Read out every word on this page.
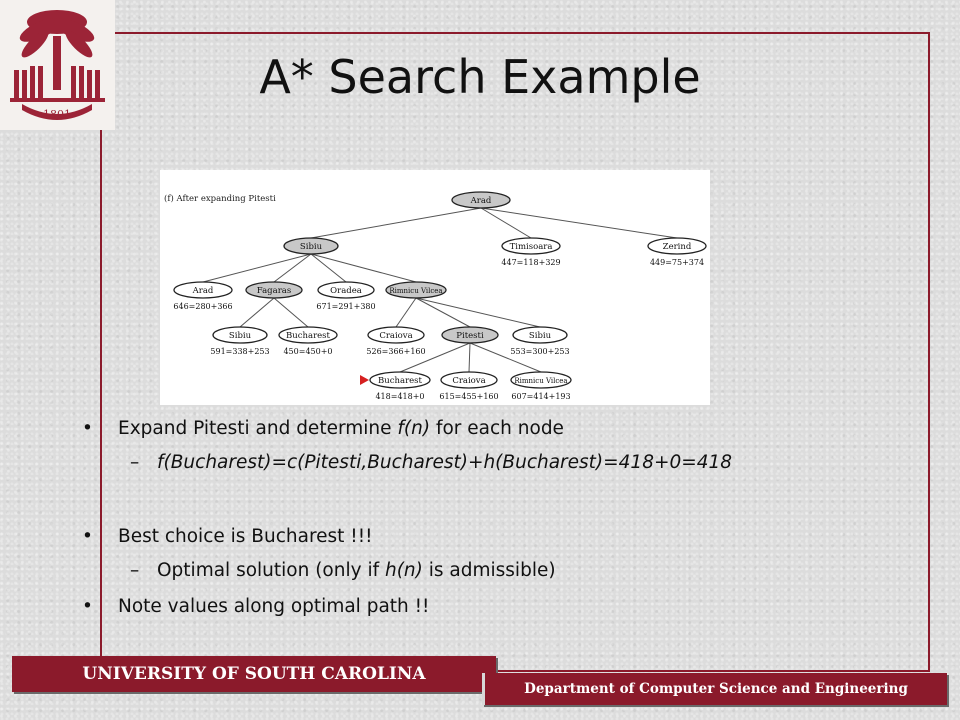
1801
A* Search Example
(f) After expanding Pitesti	Arad
Sibiu	Timisoara
447=118+329
Zerind
449=75+374
Arad
646=280+366
Fagaras	Oradea
671=291+380
Rimnicu Vilcea
Sibiu
591=338+253
Bucharest
450=450+0
Craiova
526=366+160
Pitesti	Sibiu
553=300+253
Bucharest
418=418+0
Craiova
615=455+160
Rimnicu Vilcea
607=414+193
• Expand Pitesti and determine f(n) for each node
– f(Bucharest)=c(Pitesti,Bucharest)+h(Bucharest)=418+0=418
• Best choice is Bucharest !!!
– Optimal solution (only if h(n) is admissible)
• Note values along optimal path !!
UNIVERSITY OF SOUTH CAROLINA
Department of Computer Science and Engineering
